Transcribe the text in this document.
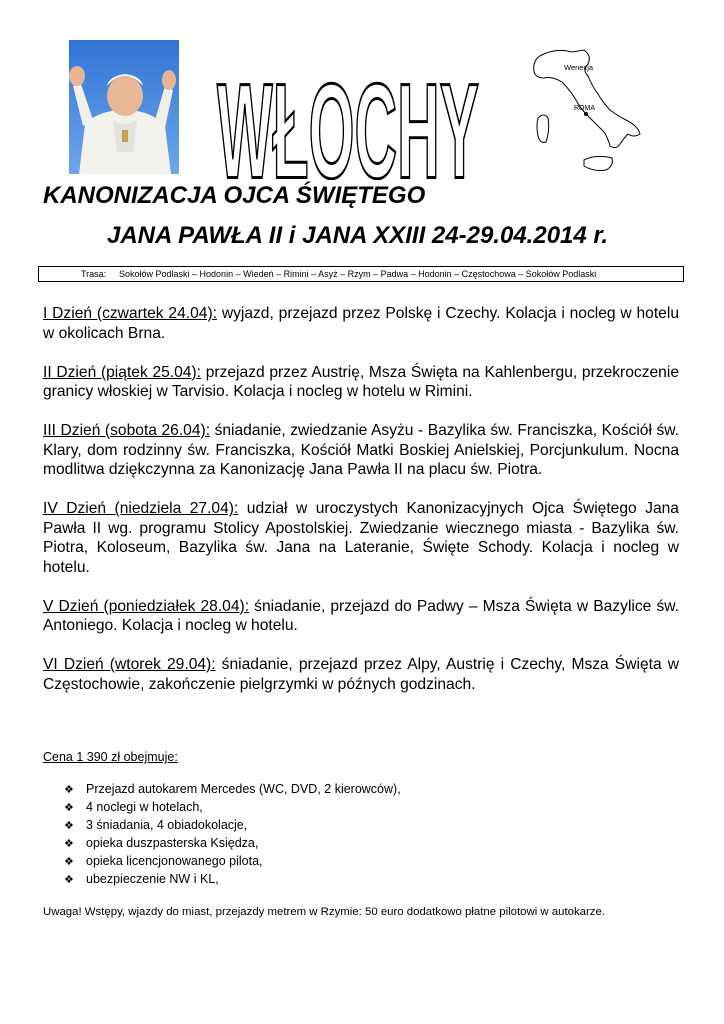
WŁOCHY	Wenecja
ROMA
KANONIZACJA OJCA ŚWIĘTEGO
JANA PAWŁA II i JANA XXIII 24-29.04.2014 r.
Trasa: Sokołów Podlaski – Hodonin – Wiedeń – Rimini – Asyż – Rzym – Padwa – Hodonin – Częstochowa – Sokołów Podlaski

I Dzień (czwartek 24.04): wyjazd, przejazd przez Polskę i Czechy. Kolacja i nocleg w hotelu w okolicach Brna.

II Dzień (piątek 25.04): przejazd przez Austrię, Msza Święta na Kahlenbergu, przekroczenie granicy włoskiej w Tarvisio. Kolacja i nocleg w hotelu w Rimini.

III Dzień (sobota 26.04): śniadanie, zwiedzanie Asyżu - Bazylika św. Franciszka, Kościół św. Klary, dom rodzinny św. Franciszka, Kościół Matki Boskiej Anielskiej, Porcjunkulum. Nocna modlitwa dziękczynna za Kanonizację Jana Pawła II na placu św. Piotra.

IV Dzień (niedziela 27.04): udział w uroczystych Kanonizacyjnych Ojca Świętego Jana Pawła II wg. programu Stolicy Apostolskiej. Zwiedzanie wiecznego miasta - Bazylika św. Piotra, Koloseum, Bazylika św. Jana na Lateranie, Święte Schody. Kolacja i nocleg w hotelu.

V Dzień (poniedziałek 28.04): śniadanie, przejazd do Padwy – Msza Święta w Bazylice św. Antoniego. Kolacja i nocleg w hotelu.

VI Dzień (wtorek 29.04): śniadanie, przejazd przez Alpy, Austrię i Czechy, Msza Święta w Częstochowie, zakończenie pielgrzymki w późnych godzinach.

Cena 1 390 zł obejmuje:
❖ Przejazd autokarem Mercedes (WC, DVD, 2 kierowców),
❖ 4 noclegi w hotelach,
❖ 3 śniadania, 4 obiadokolacje,
❖ opieka duszpasterska Księdza,
❖ opieka licencjonowanego pilota,
❖ ubezpieczenie NW i KL,
Uwaga! Wstępy, wjazdy do miast, przejazdy metrem w Rzymie: 50 euro dodatkowo płatne pilotowi w autokarze.
